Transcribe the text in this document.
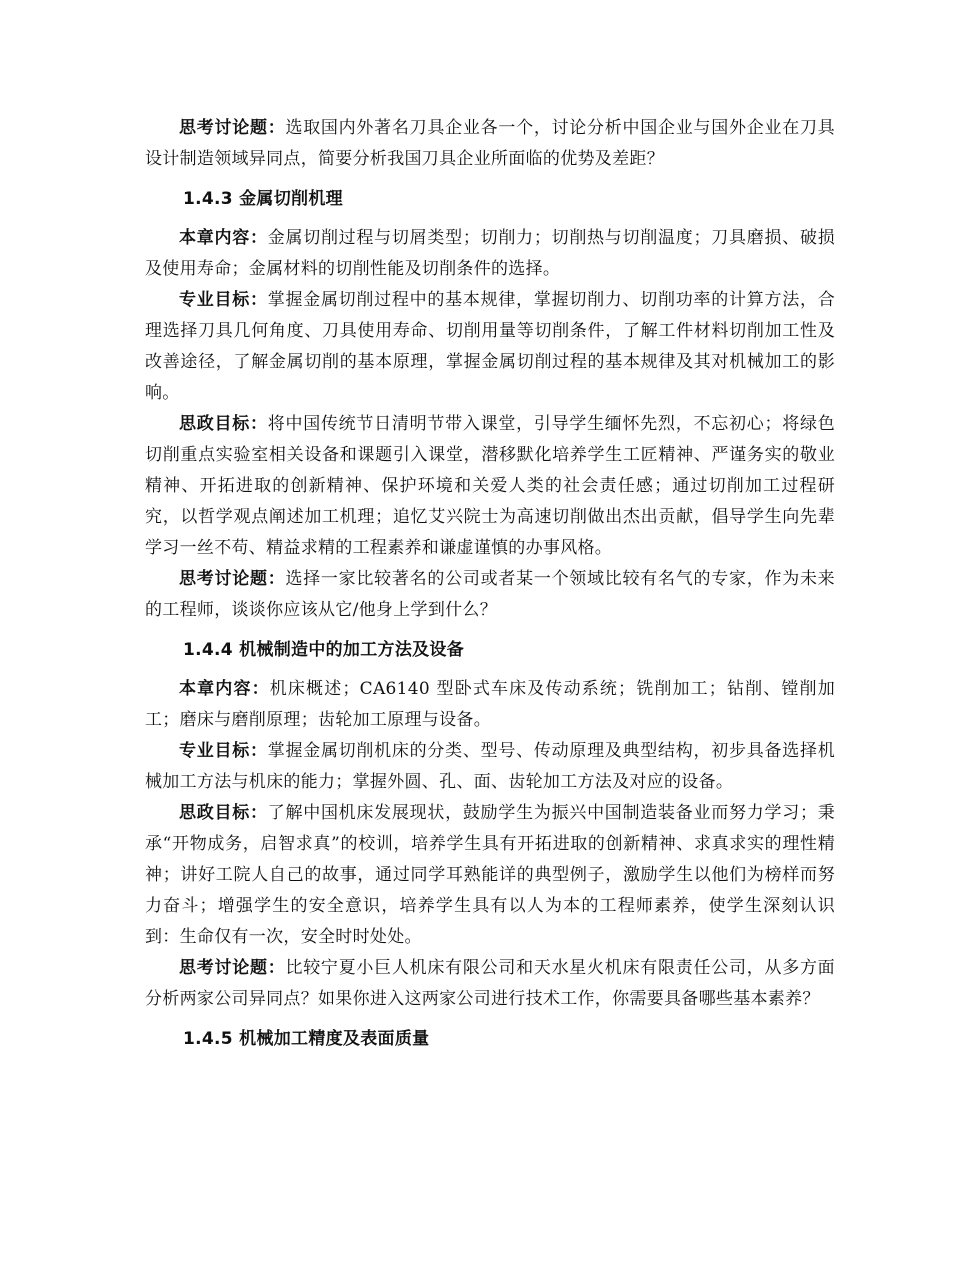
思考讨论题：选取国内外著名刀具企业各一个，讨论分析中国企业与国外企业在刀具设计制造领域异同点，简要分析我国刀具企业所面临的优势及差距？

1.4.3 金属切削机理

本章内容：金属切削过程与切屑类型；切削力；切削热与切削温度；刀具磨损、破损及使用寿命；金属材料的切削性能及切削条件的选择。

专业目标：掌握金属切削过程中的基本规律，掌握切削力、切削功率的计算方法，合理选择刀具几何角度、刀具使用寿命、切削用量等切削条件，了解工件材料切削加工性及改善途径，了解金属切削的基本原理，掌握金属切削过程的基本规律及其对机械加工的影响。

思政目标：将中国传统节日清明节带入课堂，引导学生缅怀先烈，不忘初心；将绿色切削重点实验室相关设备和课题引入课堂，潜移默化培养学生工匠精神、严谨务实的敬业精神、开拓进取的创新精神、保护环境和关爱人类的社会责任感；通过切削加工过程研究，以哲学观点阐述加工机理；追忆艾兴院士为高速切削做出杰出贡献，倡导学生向先辈学习一丝不苟、精益求精的工程素养和谦虚谨慎的办事风格。

思考讨论题：选择一家比较著名的公司或者某一个领域比较有名气的专家，作为未来的工程师，谈谈你应该从它/他身上学到什么？

1.4.4 机械制造中的加工方法及设备

本章内容：机床概述；CA6140 型卧式车床及传动系统；铣削加工；钻削、镗削加工；磨床与磨削原理；齿轮加工原理与设备。

专业目标：掌握金属切削机床的分类、型号、传动原理及典型结构，初步具备选择机械加工方法与机床的能力；掌握外圆、孔、面、齿轮加工方法及对应的设备。

思政目标：了解中国机床发展现状，鼓励学生为振兴中国制造装备业而努力学习；秉承“开物成务，启智求真”的校训，培养学生具有开拓进取的创新精神、求真求实的理性精神；讲好工院人自己的故事，通过同学耳熟能详的典型例子，激励学生以他们为榜样而努力奋斗；增强学生的安全意识，培养学生具有以人为本的工程师素养，使学生深刻认识到：生命仅有一次，安全时时处处。

思考讨论题：比较宁夏小巨人机床有限公司和天水星火机床有限责任公司，从多方面分析两家公司异同点？如果你进入这两家公司进行技术工作，你需要具备哪些基本素养？

1.4.5 机械加工精度及表面质量
